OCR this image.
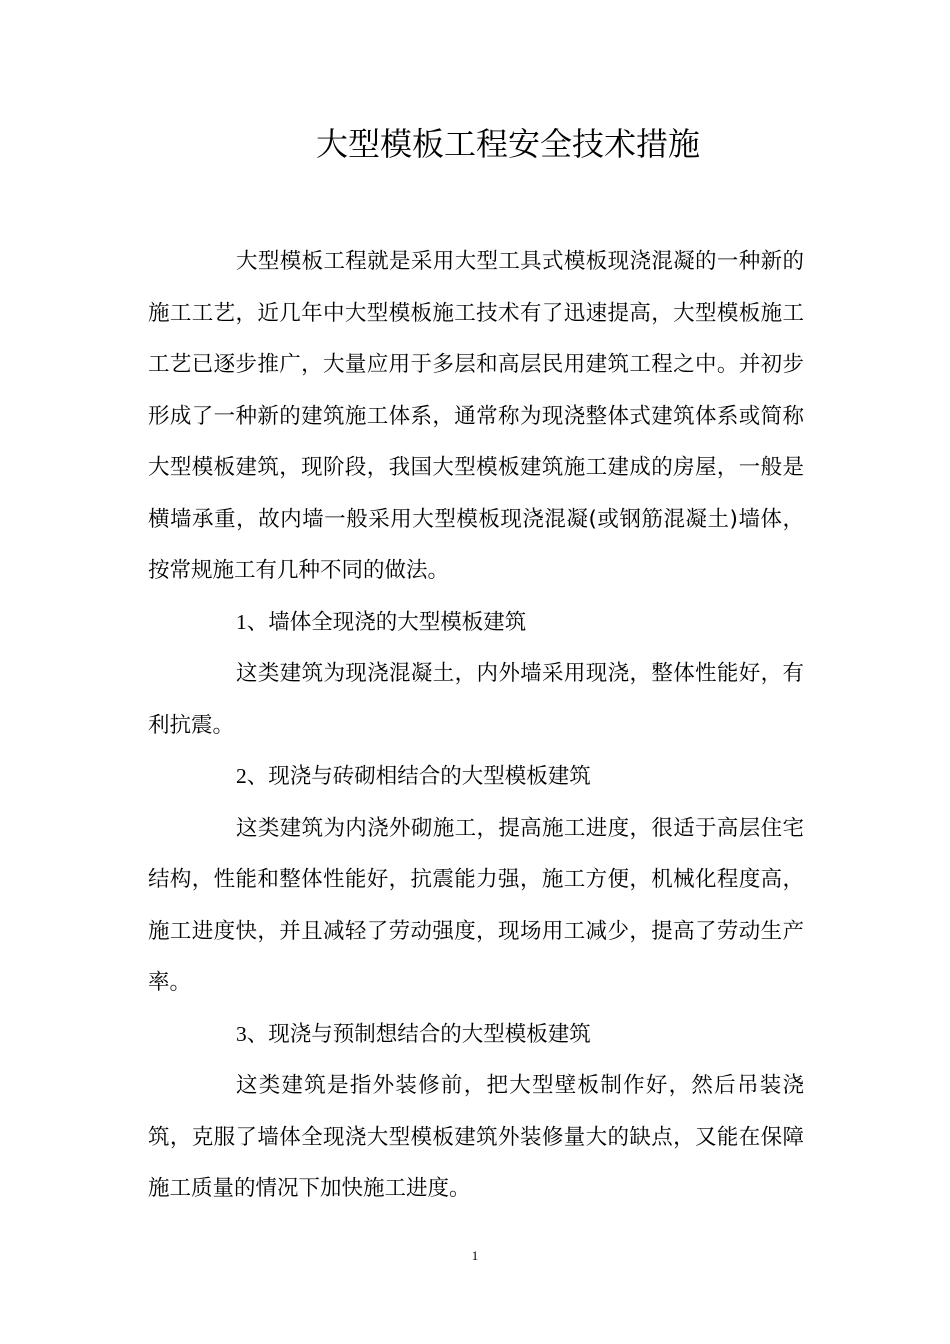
大型模板工程安全技术措施

大型模板工程就是采用大型工具式模板现浇混凝的一种新的施工工艺，近几年中大型模板施工技术有了迅速提高，大型模板施工工艺已逐步推广，大量应用于多层和高层民用建筑工程之中。并初步形成了一种新的建筑施工体系，通常称为现浇整体式建筑体系或简称大型模板建筑，现阶段，我国大型模板建筑施工建成的房屋，一般是横墙承重，故内墙一般采用大型模板现浇混凝(或钢筋混凝土)墙体，按常规施工有几种不同的做法。

1、墙体全现浇的大型模板建筑

这类建筑为现浇混凝土，内外墙采用现浇，整体性能好，有利抗震。

2、现浇与砖砌相结合的大型模板建筑

这类建筑为内浇外砌施工，提高施工进度，很适于高层住宅结构，性能和整体性能好，抗震能力强，施工方便，机械化程度高，施工进度快，并且减轻了劳动强度，现场用工减少，提高了劳动生产率。

3、现浇与预制想结合的大型模板建筑

这类建筑是指外装修前，把大型壁板制作好，然后吊装浇筑，克服了墙体全现浇大型模板建筑外装修量大的缺点，又能在保障施工质量的情况下加快施工进度。

1
